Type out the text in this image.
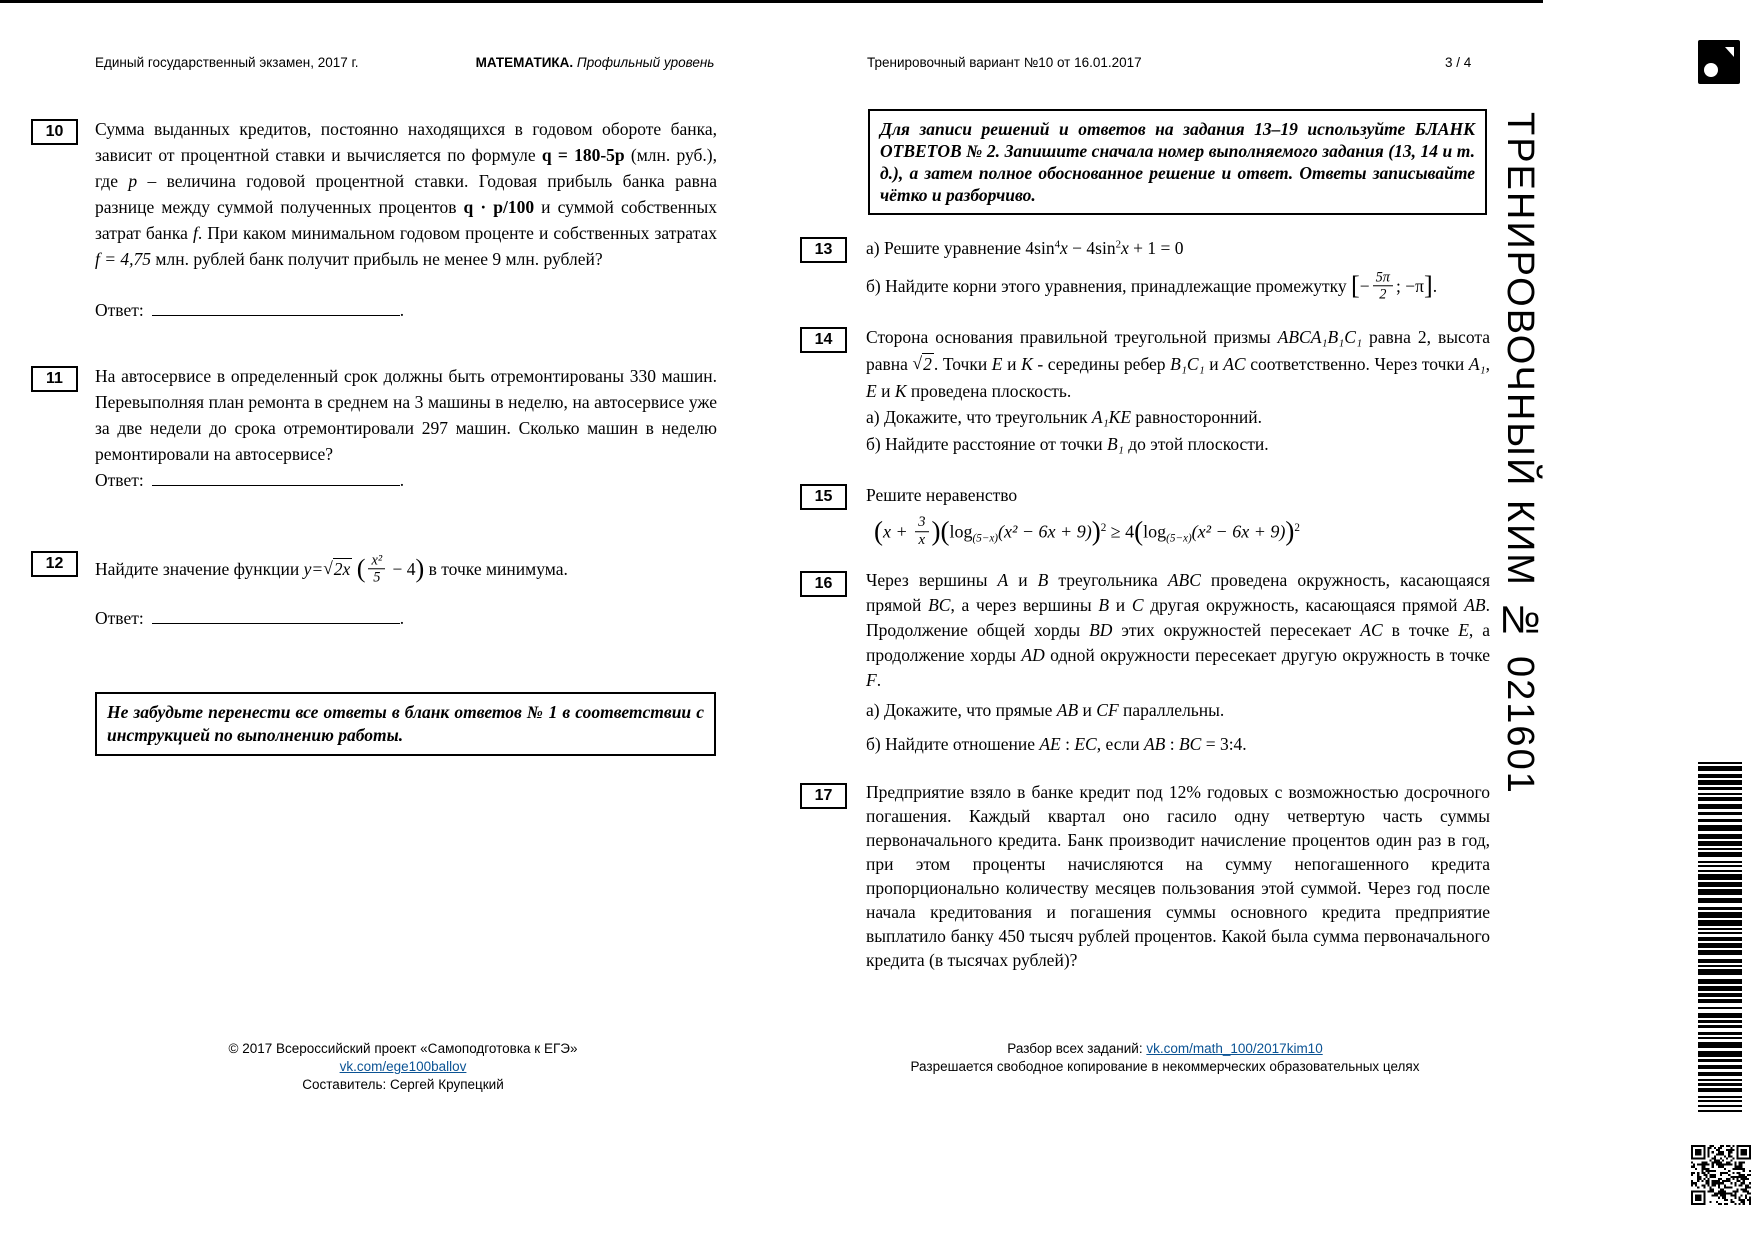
Единый государственный экзамен, 2017 г.	МАТЕМАТИКА. Профильный уровень	Тренировочный вариант №10 от 16.01.2017	3 / 4
10	Сумма выданных кредитов, постоянно находящихся в годовом обороте банка, зависит от процентной ставки и вычисляется по формуле q = 180-5p (млн. руб.), где p – величина годовой процентной ставки. Годовая прибыль банка равна разнице между суммой полученных процентов q · p/100 и суммой собственных затрат банка f. При каком минимальном годовом проценте и собственных затратах f = 4,75 млн. рублей банк получит прибыль не менее 9 млн. рублей?
Ответ:	.
11	На автосервисе в определенный срок должны быть отремонтированы 330 машин. Перевыполняя план ремонта в среднем на 3 машины в неделю, на автосервисе уже за две недели до срока отремонтировали 297 машин. Сколько машин в неделю ремонтировали на автосервисе?
Ответ:	.
12	Найдите значение функции y=√2x ( $\frac{\text{x²}}{5} - 4$) в точке минимума.
Ответ:	.
Не забудьте перенести все ответы в бланк ответов № 1 в соответствии с инструкцией по выполнению работы.
Для записи решений и ответов на задания 13–19 используйте БЛАНК ОТВЕТОВ № 2. Запишите сначала номер выполняемого задания (13, 14 и т. д.), а затем полное обоснованное решение и ответ. Ответы записывайте чётко и разборчиво.
13	а) Решите уравнение $4\sin^4x - 4\sin^2x + 1 = 0$
б) Найдите корни этого уравнения, принадлежащие промежутку [− $\frac{5\pi}{2}$ ; −π].
14	Сторона основания правильной треугольной призмы ABCA₁B₁C₁ равна 2, высота равна √2 . Точки E и K - середины ребер B₁C₁ и AC соответственно. Через точки A₁, E и K проведена плоскость.
а) Докажите, что треугольник A₁KE равносторонний.
б) Найдите расстояние от точки B₁ до этой плоскости.
15	Решите неравенство
$(x + \frac{3}{x} )(\log_{(5-x)}(x^2 - 6x + 9))^2 \ge 4(\log_{(5-x)}(x^2 - 6x + 9))^2$
16	Через вершины A и B треугольника ABC проведена окружность, касающаяся прямой BC, а через вершины B и C другая окружность, касающаяся прямой AB. Продолжение общей хорды BD этих окружностей пересекает AC в точке E, а продолжение хорды AD одной окружности пересекает другую окружность в точке F.
а) Докажите, что прямые AB и CF параллельны.
б) Найдите отношение AE : EC, если AB : BC = 3:4.
17	Предприятие взяло в банке кредит под 12% годовых с возможностью досрочного погашения. Каждый квартал оно гасило одну четвертую часть суммы первоначального кредита. Банк производит начисление процентов один раз в год, при этом проценты начисляются на сумму непогашенного кредита пропорционально количеству месяцев пользования этой суммой. Через год после начала кредитования и погашения суммы основного кредита предприятие выплатило банку 450 тысяч рублей процентов. Какой была сумма первоначального кредита (в тысячах рублей)?
© 2017 Всероссийский проект «Самоподготовка к ЕГЭ» vk.com/ege100ballov
Составитель: Сергей Крупецкий
Разбор всех заданий: vk.com/math_100/2017kim10
Разрешается свободное копирование в некоммерческих образовательных целях
ТРЕНИРОВОЧНЫЙ КИМ № 021601
